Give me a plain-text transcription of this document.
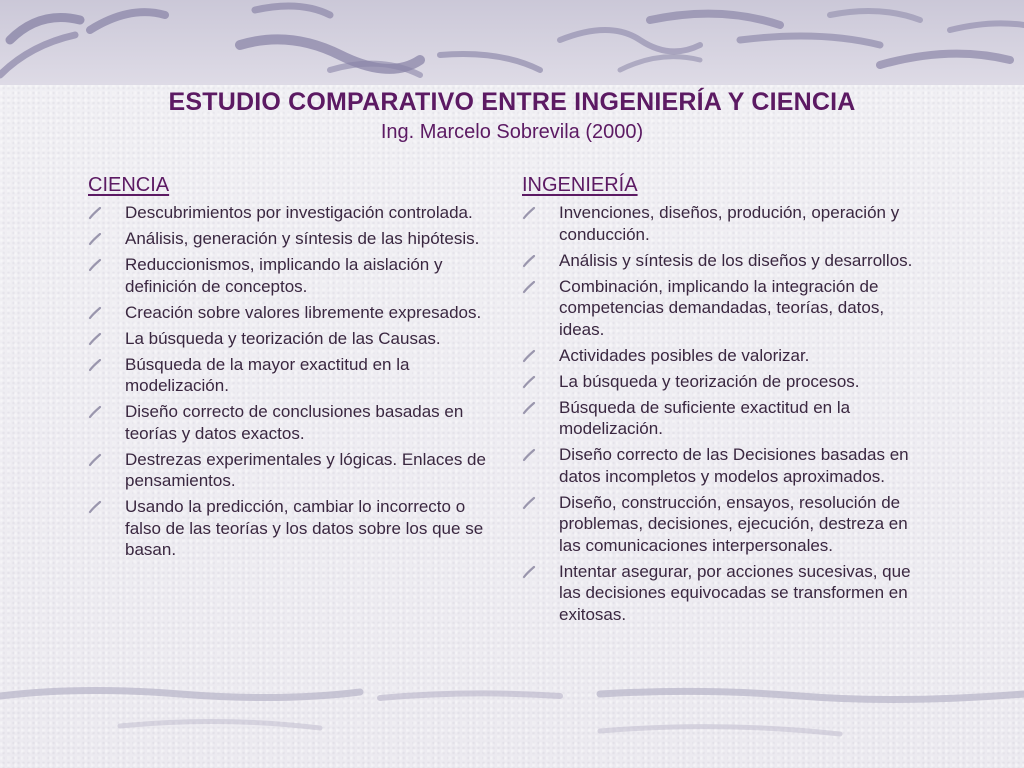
ESTUDIO COMPARATIVO ENTRE INGENIERÍA Y CIENCIA
Ing. Marcelo Sobrevila (2000)
CIENCIA
Descubrimientos por investigación controlada.
Análisis, generación y síntesis de las hipótesis.
Reduccionismos, implicando la aislación y definición de conceptos.
Creación sobre valores libremente expresados.
La búsqueda y teorización de las Causas.
Búsqueda de la mayor exactitud en la modelización.
Diseño correcto de conclusiones basadas en teorías y datos exactos.
Destrezas experimentales y lógicas. Enlaces de pensamientos.
Usando la predicción, cambiar lo incorrecto o falso de las teorías y los datos sobre los que se basan.
INGENIERÍA
Invenciones, diseños, produción, operación y conducción.
Análisis y síntesis de los diseños y desarrollos.
Combinación, implicando la integración de competencias demandadas, teorías, datos, ideas.
Actividades posibles de valorizar.
La búsqueda y teorización de procesos.
Búsqueda de suficiente exactitud en la modelización.
Diseño correcto de las Decisiones basadas en datos incompletos y modelos aproximados.
Diseño, construcción, ensayos, resolución de problemas, decisiones, ejecución, destreza en las comunicaciones interpersonales.
Intentar asegurar, por acciones sucesivas, que las decisiones equivocadas se transformen en exitosas.
